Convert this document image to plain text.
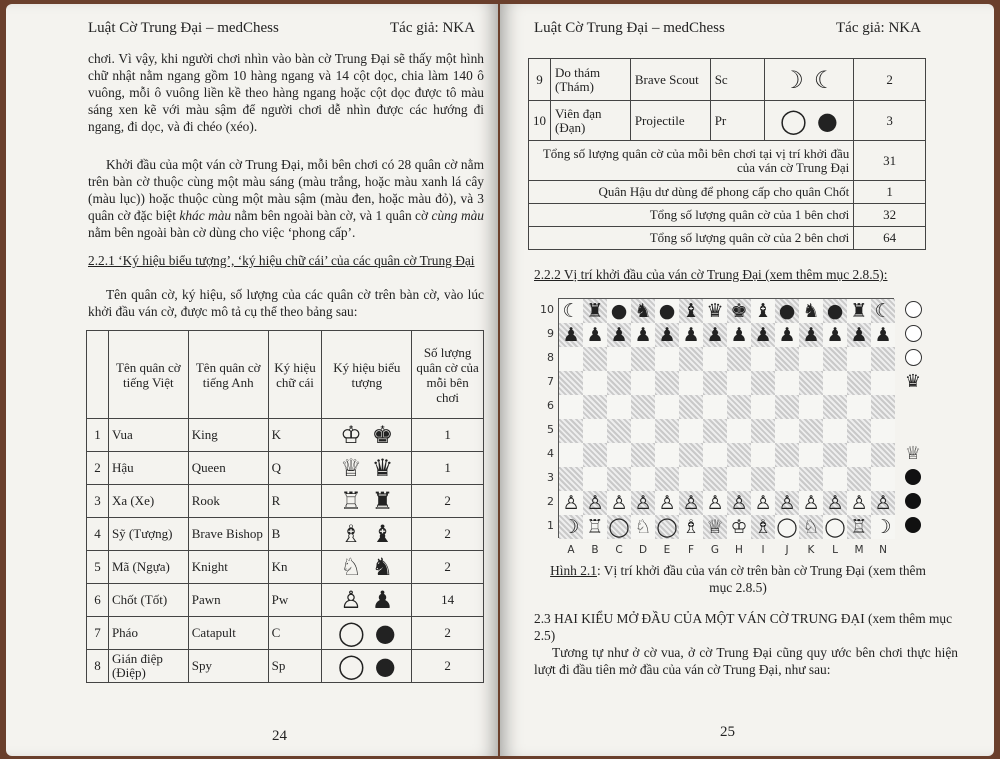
Luật Cờ Trung Đại – medChess	Tác giả: NKA

chơi. Vì vậy, khi người chơi nhìn vào bàn cờ Trung Đại sẽ thấy một hình chữ nhật nằm ngang gồm 10 hàng ngang và 14 cột dọc, chia làm 140 ô vuông, mỗi ô vuông liền kề theo hàng ngang hoặc cột dọc được tô màu sáng xen kẽ với màu sậm để người chơi dễ nhìn được các hướng đi ngang, đi dọc, và đi chéo (xéo).

Khởi đầu của một ván cờ Trung Đại, mỗi bên chơi có 28 quân cờ nằm trên bàn cờ thuộc cùng một màu sáng (màu trắng, hoặc màu xanh lá cây (màu lục)) hoặc thuộc cùng một màu sậm (màu đen, hoặc màu đỏ), và 3 quân cờ đặc biệt khác màu nằm bên ngoài bàn cờ, và 1 quân cờ cùng màu nằm bên ngoài bàn cờ dùng cho việc ‘phong cấp’.

2.2.1 ‘Ký hiệu biểu tượng’, ‘ký hiệu chữ cái’ của các quân cờ Trung Đại

Tên quân cờ, ký hiệu, số lượng của các quân cờ trên bàn cờ, vào lúc khởi đầu ván cờ, được mô tả cụ thể theo bảng sau:

	Tên quân cờ tiếng Việt	Tên quân cờ tiếng Anh	Ký hiệu chữ cái	Ký hiệu biểu tượng	Số lượng quân cờ của mỗi bên chơi
1	Vua	King	K	♔ ♚	1
2	Hậu	Queen	Q	♕ ♛	1
3	Xa (Xe)	Rook	R	♖ ♜	2
4	Sỹ (Tượng)	Brave Bishop	B	♗ ♝	2
5	Mã (Ngựa)	Knight	Kn	♘ ♞	2
6	Chốt (Tốt)	Pawn	Pw	♙ ♟	14
7	Pháo	Catapult	C	◯ ●	2
8	Gián điệp (Điệp)	Spy	Sp	◯ ●	2
24
Luật Cờ Trung Đại – medChess	Tác giả: NKA
9	Do thám (Thám)	Brave Scout	Sc	☽ ☾	2
10	Viên đạn (Đạn)	Projectile	Pr	◯ ●	3
Tổng số lượng quân cờ của mỗi bên chơi tại vị trí khởi đầu của ván cờ Trung Đại					31
Quân Hậu dư dùng để phong cấp cho quân Chốt					1
Tổng số lượng quân cờ của 1 bên chơi					32
Tổng số lượng quân cờ của 2 bên chơi					64

2.2.2 Vị trí khởi đầu của ván cờ Trung Đại (xem thêm mục 2.8.5):

☾ ♜ ● ♞ ● ♝ ♛ ♚ ♝ ● ♞ ● ♜ ☾
♟ ♟ ♟ ♟ ♟ ♟ ♟ ♟ ♟ ♟ ♟ ♟ ♟ ♟
♙ ♙ ♙ ♙ ♙ ♙ ♙ ♙ ♙ ♙ ♙ ♙ ♙ ♙
☽ ♖ ◯ ♘ ◯ ♗ ♕ ♔ ♗ ◯ ♘ ◯ ♖ ☽
10
9
8
7
6
5
4
3
2
1
A	B	C	D	E	F	G	H	I	J	K	L	M	N
♛
♕

Hình 2.1: Vị trí khởi đầu của ván cờ trên bàn cờ Trung Đại (xem thêm mục 2.8.5)

2.3 HAI KIỂU MỞ ĐẦU CỦA MỘT VÁN CỜ TRUNG ĐẠI (xem thêm mục 2.5)

Tương tự như ở cờ vua, ở cờ Trung Đại cũng quy ước bên chơi thực hiện lượt đi đầu tiên mở đầu của ván cờ Trung Đại, như sau:

25
